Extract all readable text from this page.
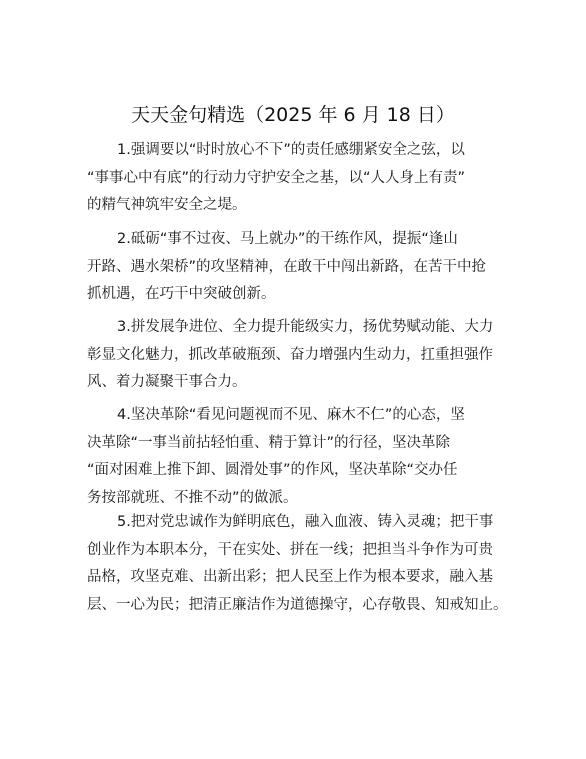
天天金句精选（2025 年 6 月 18 日）
1.强调要以“时时放心不下”的责任感绷紧安全之弦，以
“事事心中有底”的行动力守护安全之基，以“人人身上有责”
的精气神筑牢安全之堤。
2.砥砺“事不过夜、马上就办”的干练作风，提振“逢山
开路、遇水架桥”的攻坚精神，在敢干中闯出新路，在苦干中抢
抓机遇，在巧干中突破创新。
3.拼发展争进位、全力提升能级实力，扬优势赋动能、大力
彰显文化魅力，抓改革破瓶颈、奋力增强内生动力，扛重担强作
风、着力凝聚干事合力。
4.坚决革除“看见问题视而不见、麻木不仁”的心态，坚
决革除“一事当前拈轻怕重、精于算计”的行径，坚决革除
“面对困难上推下卸、圆滑处事”的作风，坚决革除“交办任
务按部就班、不推不动”的做派。
5.把对党忠诚作为鲜明底色，融入血液、铸入灵魂；把干事
创业作为本职本分，干在实处、拼在一线；把担当斗争作为可贵
品格，攻坚克难、出新出彩；把人民至上作为根本要求，融入基
层、一心为民；把清正廉洁作为道德操守，心存敬畏、知戒知止。
